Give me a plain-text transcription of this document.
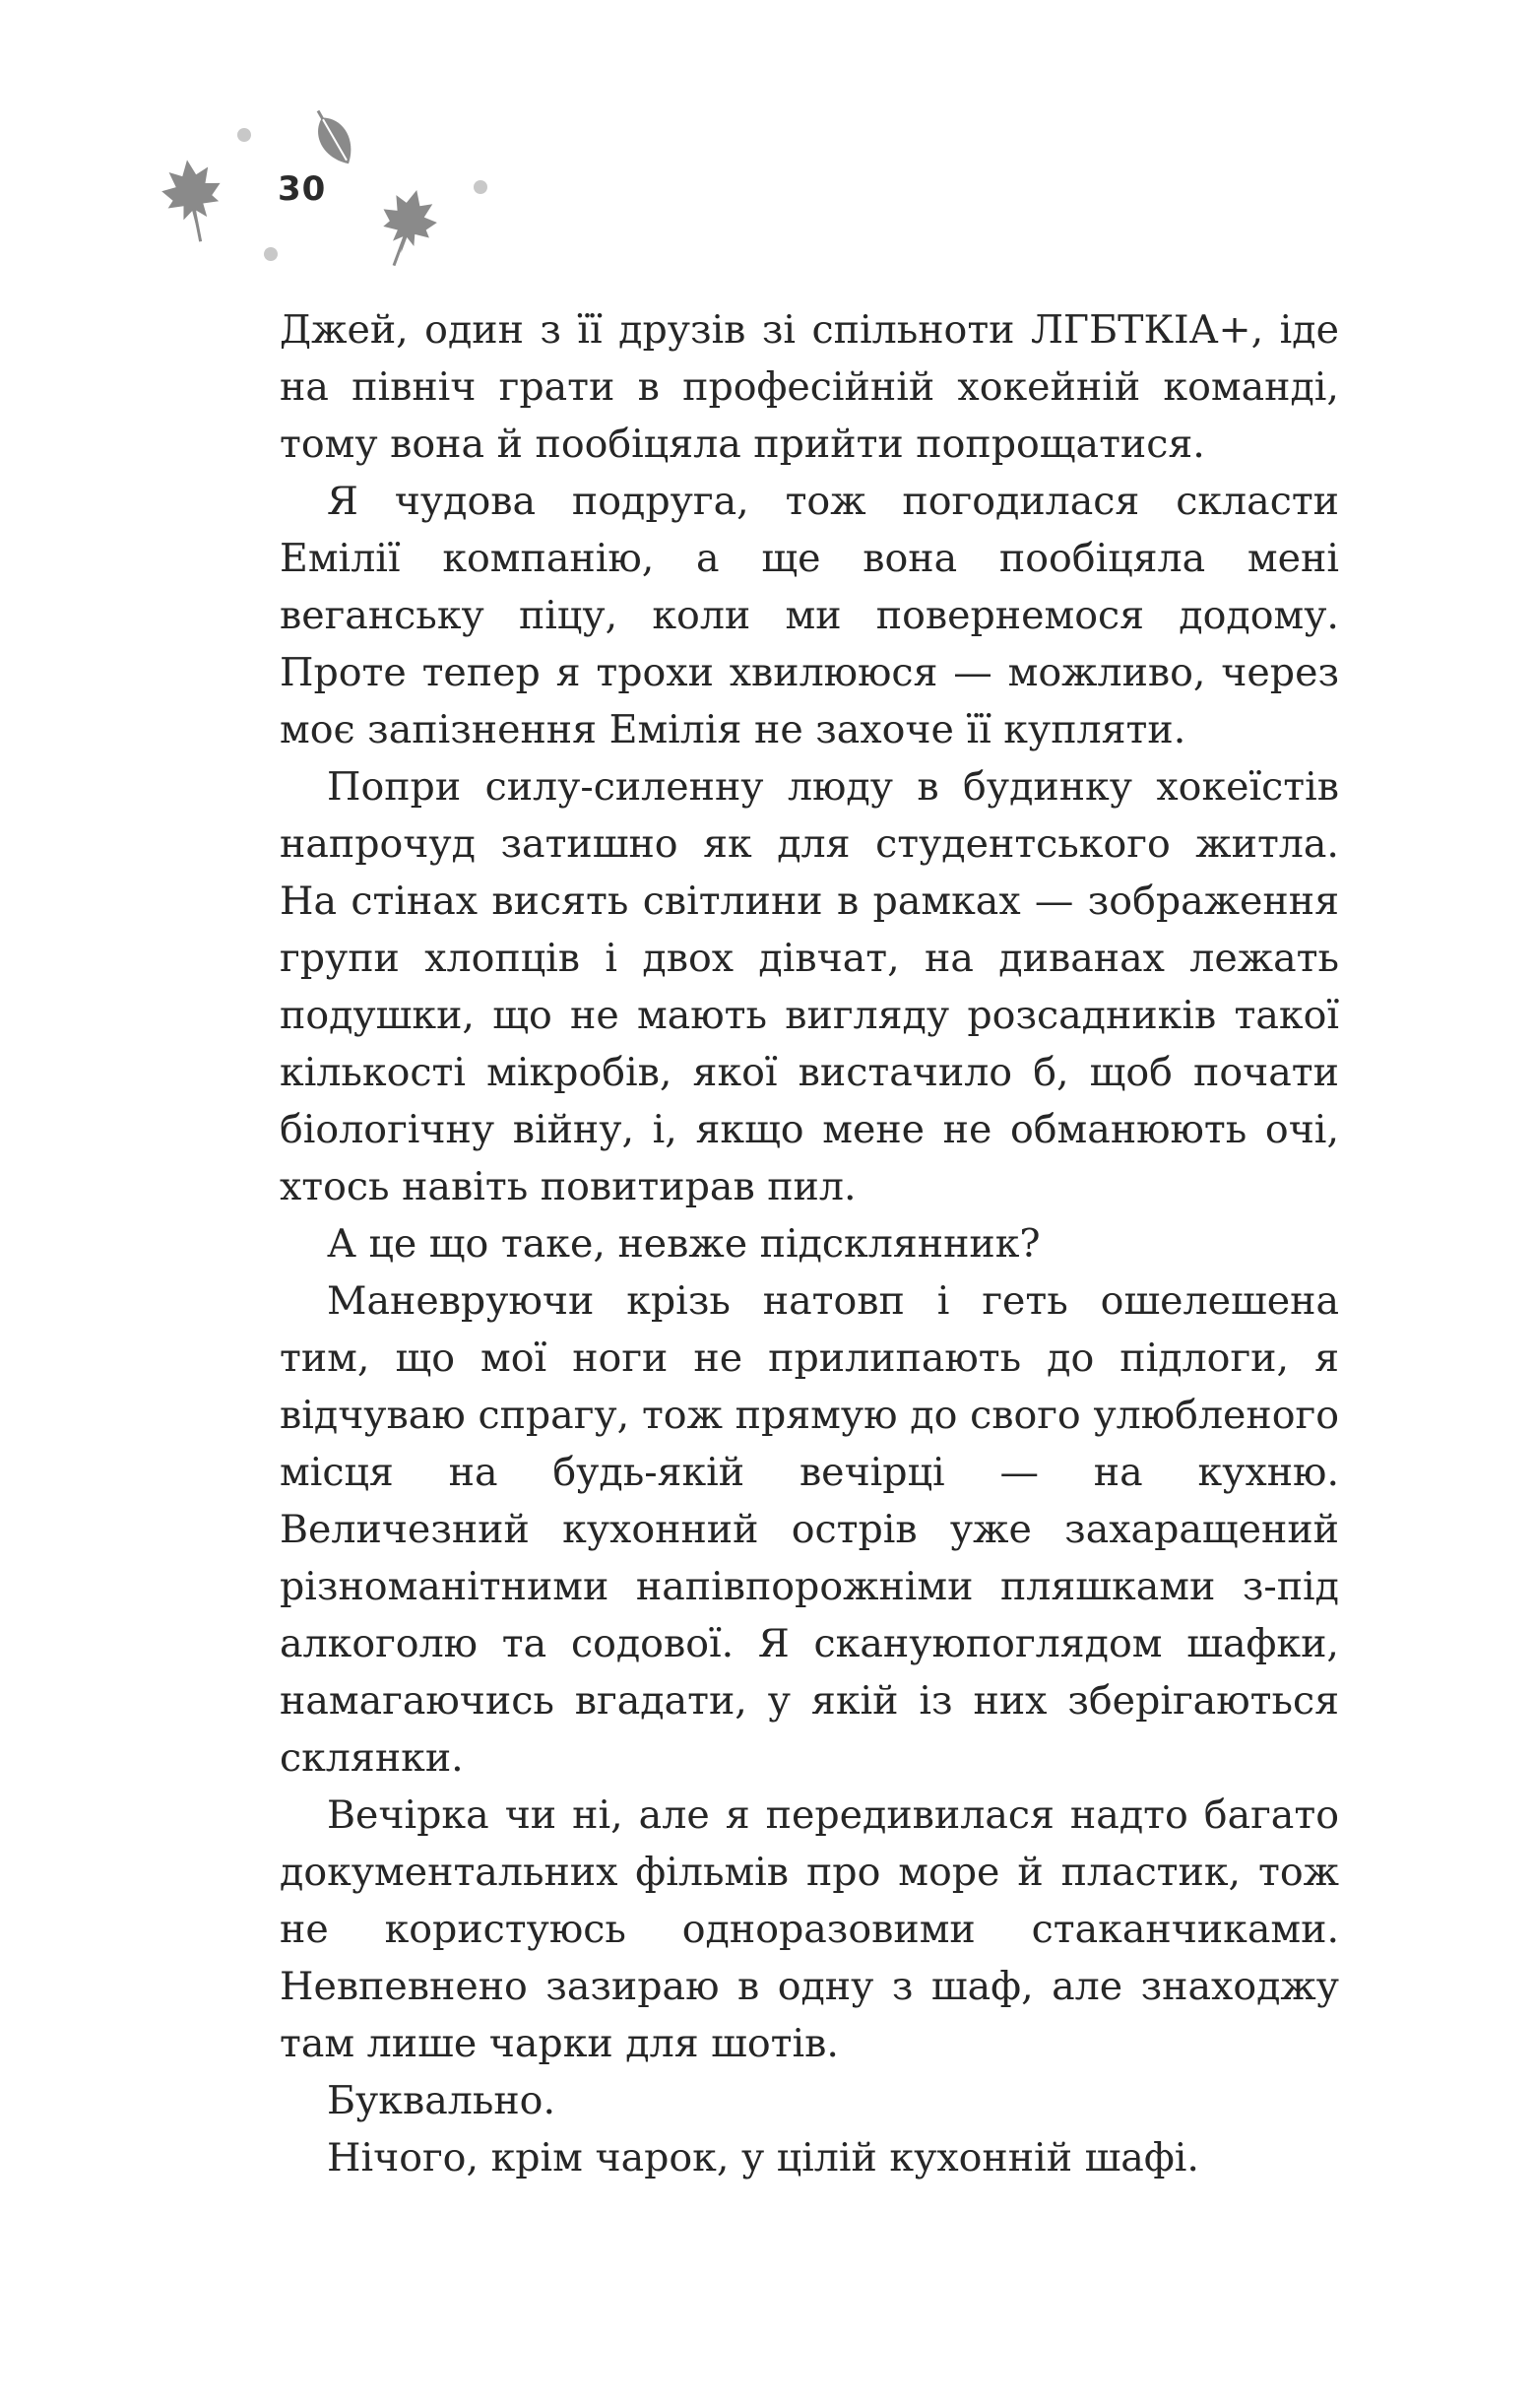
30

Джей, один з її друзів зі спільноти ЛГБТКІА+, іде на північ грати в професійній хокейній команді, тому вона й пообіцяла прийти попрощатися.

Я чудова подруга, тож погодилася скласти Емілії компанію, а ще вона пообіцяла мені веганську піцу, коли ми повернемося додому. Проте тепер я трохи хвилююся — можливо, через моє запізнення Емілія не захоче її купляти.

Попри силу-силенну люду в будинку хокеїстів напрочуд затишно як для студентського житла. На стінах висять світлини в рамках — зображення групи хлопців і двох дівчат, на диванах лежать подушки, що не мають вигляду розсадників такої кількості мікробів, якої вистачило б, щоб почати біологічну війну, і, якщо мене не обманюють очі, хтось навіть повитирав пил.

А це що таке, невже підсклянник?

Маневруючи крізь натовп і геть ошелешена тим, що мої ноги не прилипають до підлоги, я відчуваю спрагу, тож прямую до свого улюбленого місця на будь-якій вечірці — на кухню. Величезний кухонний острів уже захаращений різноманітними напівпорожніми пляшками з-під алкоголю та содової. Я скануюпоглядом шафки, намагаючись вгадати, у якій із них зберігаються склянки.

Вечірка чи ні, але я передивилася надто багато документальних фільмів про море й пластик, тож не користуюсь одноразовими стаканчиками. Невпевнено зазираю в одну з шаф, але знаходжу там лише чарки для шотів.

Буквально.

Нічого, крім чарок, у цілій кухонній шафі.
